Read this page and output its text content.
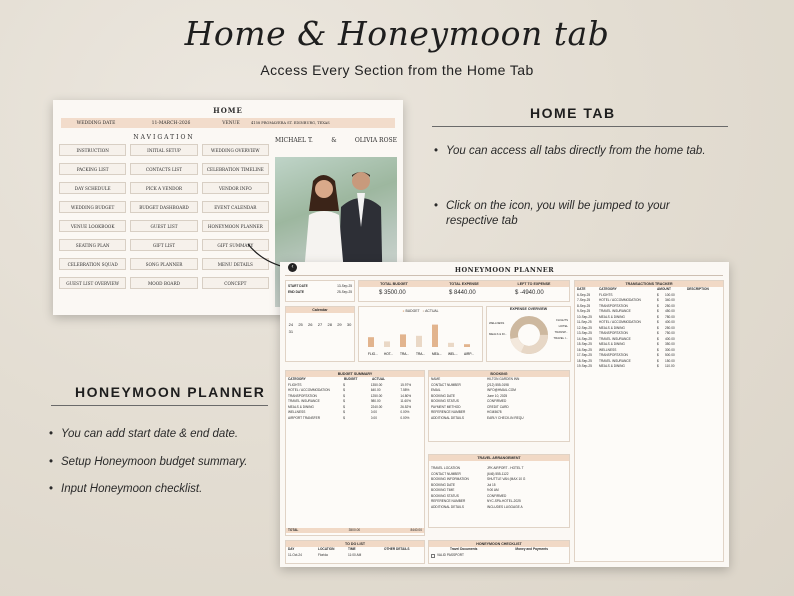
Home & Honeymoon tab
Access Every Section from the Home Tab
HOME
WEDDING DATE	11-MARCH-2026	VENUE	4158 PROMAVERA ST. EDINBURG, TEXAS
NAVIGATION
INSTRUCTION	INITIAL SETUP	WEDDING OVERVIEW
PACKING LIST	CONTACTS LIST	CELEBRATION TIMELINE
DAY SCHEDULE	PICK A VENDOR	VENDOR INFO
WEDDING BUDGET	BUDGET DASHBOARD	EVENT CALENDAR
VENUE LOOKBOOK	GUEST LIST	HONEYMOON PLANNER
SEATING PLAN	GIFT LIST	GIFT SUMMARY
CELEBRATION SQUAD	SONG PLANNER	MENU DETAILS
GUEST LIST OVERVIEW	MOOD BOARD	CONCEPT
MICHAEL T.	&	OLIVIA ROSE
HONEYMOON PLANNER
START DATE	13-Sep-25
END DATE	25-Sep-25
TOTAL BUDGET
$ 3500.00
TOTAL EXPENSE
$ 8440.00
LEFT TO EXPENSE
$ -4940.00
Calendar
24	25	26	27	28	29	30
31
● BUDGET ● ACTUAL
FLIG... HOT... TRA... TRA... MEA... WEL... AIRP...
EXPENSE OVERVIEW
WELLNESS
MEALS & DI...
FLIGHTS
HOTEL
TRANSP...
TRAVEL I...
BUDGET SUMMARY
CATEGORY	BUDGET	ACTUAL
FLIGHTS	$	1350.00	15.97%
HOTEL / ACCOMMODATION	$	640.00	7.58%
TRANSPORTATION	$	1250.00	14.80%
TRAVEL INSURANCE	$	980.00	11.60%
MEALS & DINING	$	2240.00	26.52%
WELLNESS	$	0.00	0.00%
AIRPORT TRANSFER	$	0.00	0.00%
TOTAL	3500.00	8440.00
BOOKING
NAME	HILTON GARDEN INN
CONTACT NUMBER	(212) 555-0198
EMAIL	INFO@HMAIL.COM
BOOKING DATE	June 10, 2025
BOOKING STATUS	CONFIRMED
PAYMENT METHOD	CREDIT CARD
REFERENCE NUMBER	HGI45678
ADDITIONAL DETAILS	EARLY CHECK-IN REQU
TRAVEL ARRANGEMENT
TRAVEL LOCATION	JFK AIRPORT - HOTEL T
CONTACT NUMBER	(646) 555-1122
BOOKING INFORMATION	SHUTTLE VAN (MAX 10 G
BOOKING DATE	Jul 15
BOOKING TIME	9:00 AM
BOOKING STATUS	CONFIRMED
REFERENCE NUMBER	NYC-SPA-HOTEL-2025
ADDITIONAL DETAILS	INCLUDES LUGGAGE A
TRANSACTIONS TRACKER
DATE	CATEGORY	AMOUNT	DESCRIPTION
6-Sep-25	FLIGHTS	$	100.00
7-Sep-25	HOTEL / ACCOMMODATION	$	340.00
8-Sep-25	TRANSPORTATION	$	250.00
9-Sep-25	TRAVEL INSURANCE	$	450.00
10-Sep-25	MEALS & DINING	$	780.00
11-Sep-25	HOTEL / ACCOMMODATION	$	400.00
12-Sep-25	MEALS & DINING	$	250.00
13-Sep-25	TRANSPORTATION	$	750.00
14-Sep-25	TRAVEL INSURANCE	$	400.00
15-Sep-25	MEALS & DINING	$	350.00
16-Sep-25	WELLNESS	$	300.00
17-Sep-25	TRANSPORTATION	$	500.00
18-Sep-25	TRAVEL INSURANCE	$	150.00
19-Sep-25	MEALS & DINING	$	110.00
TO DO LIST
DAY	LOCATION	TIME	OTHER DETAILS
11-Oct-24	Florida	11:00 AM
HONEYMOON CHECKLIST
Travel Documents	Money and Payments
VALID PASSPORT
‹
HOME TAB
• You can access all tabs directly from the home tab.
• Click on the icon, you will be jumped to your respective tab
HONEYMOON PLANNER
• You can add start date & end date.
• Setup Honeymoon budget summary.
• Input Honeymoon checklist.
